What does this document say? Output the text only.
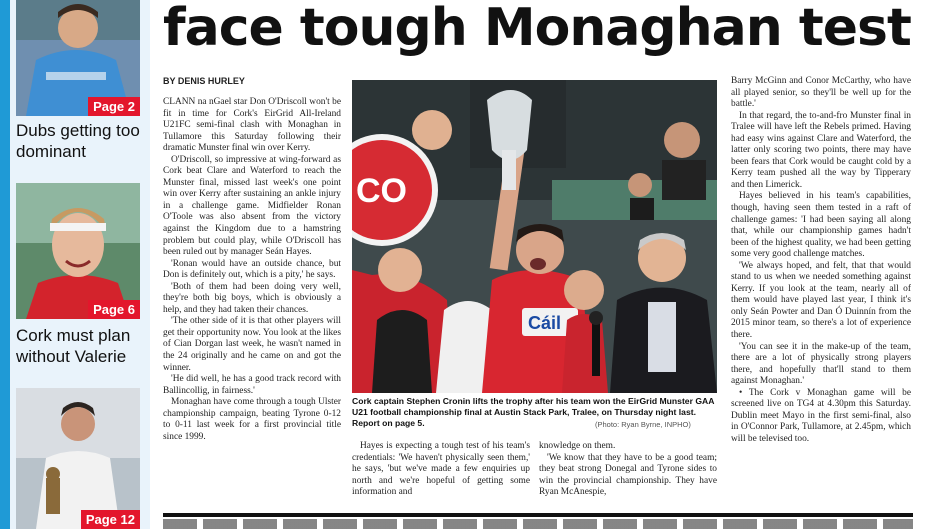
Page 2
Dubs getting too dominant
Page 6
Cork must plan without Valerie
Page 12
face tough Monaghan test
BY DENIS HURLEY

CLANN na nGael star Don O'Driscoll won't be fit in time for Cork's EirGrid All-Ireland U21FC semi-final clash with Monaghan in Tullamore this Saturday following their dramatic Munster final win over Kerry.

O'Driscoll, so impressive at wing-forward as Cork beat Clare and Waterford to reach the Munster final, missed last week's one point win over Kerry after sustaining an ankle injury in a challenge game. Midfielder Ronan O'Toole was also absent from the victory against the Kingdom due to a hamstring problem but could play, while O'Driscoll has been ruled out by manager Seán Hayes.

'Ronan would have an outside chance, but Don is definitely out, which is a pity,' he says.

'Both of them had been doing very well, they're both big boys, which is obviously a help, and they had taken their chances.

'The other side of it is that other players will get their opportunity now. You look at the likes of Cian Dorgan last week, he wasn't named in the 24 originally and he came on and got the winner.

'He did well, he has a good track record with Ballincollig, in fairness.'

Monaghan have come through a tough Ulster championship campaign, beating Tyrone 0-12 to 0-11 last week for a first provincial title since 1999.

CO
Cáil
Cork captain Stephen Cronin lifts the trophy after his team won the EirGrid Munster GAA U21 football championship final at Austin Stack Park, Tralee, on Thursday night last. Report on page 5.	(Photo: Ryan Byrne, INPHO)

Hayes is expecting a tough test of his team's credentials: 'We haven't physically seen them,' he says, 'but we've made a few enquiries up north and we're hopeful of getting some information and

knowledge on them.

'We know that they have to be a good team; they beat strong Donegal and Tyrone sides to win the provincial championship. They have Ryan McAnespie,

Barry McGinn and Conor McCarthy, who have all played senior, so they'll be well up for the battle.'

In that regard, the to-and-fro Munster final in Tralee will have left the Rebels primed. Having had easy wins against Clare and Waterford, the latter only scoring two points, there may have been fears that Cork would be caught cold by a Kerry team pushed all the way by Tipperary and then Limerick.

Hayes believed in his team's capabilities, though, having seen them tested in a raft of challenge games: 'I had been saying all along that, while our championship games hadn't been of the highest quality, we had been getting some very good challenge matches.

'We always hoped, and felt, that that would stand to us when we needed something against Kerry. If you look at the team, nearly all of them would have played last year, I think it's only Seán Powter and Dan Ó Duinnín from the 2015 minor team, so there's a lot of experience there.

'You can see it in the make-up of the team, there are a lot of physically strong players there, and hopefully that'll stand to them against Monaghan.'

• The Cork v Monaghan game will be screened live on TG4 at 4.30pm this Saturday. Dublin meet Mayo in the first semi-final, also in O'Connor Park, Tullamore, at 2.45pm, which will be televised too.
